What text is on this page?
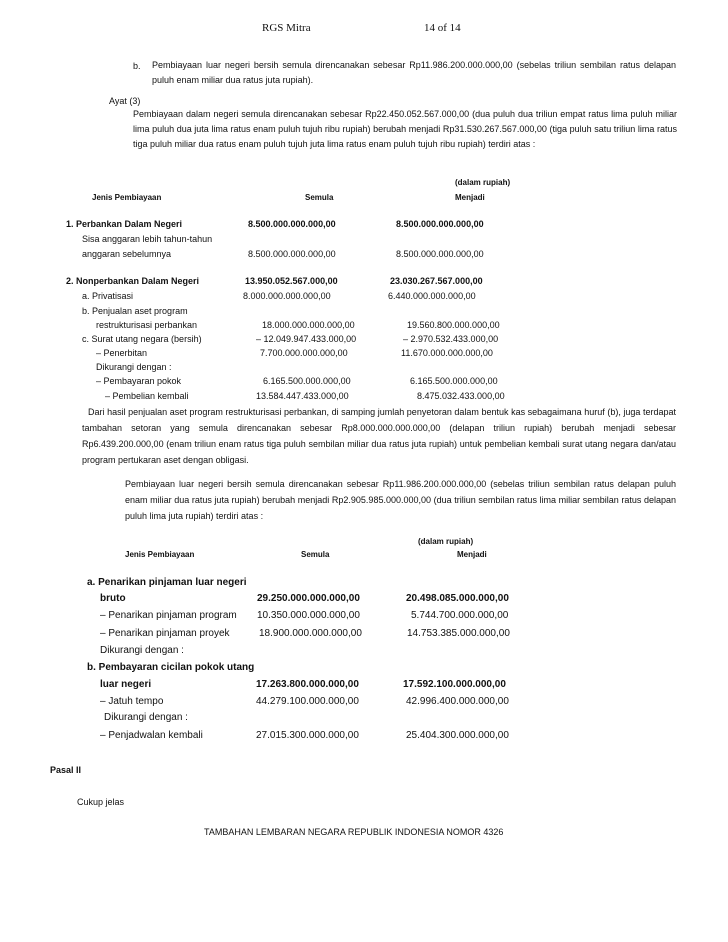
RGS Mitra	14 of 14
b. Pembiayaan luar negeri bersih semula direncanakan sebesar Rp11.986.200.000.000,00 (sebelas triliun sembilan ratus delapan puluh enam miliar dua ratus juta rupiah).
Ayat (3)
Pembiayaan dalam negeri semula direncanakan sebesar Rp22.450.052.567.000,00 (dua puluh dua triliun empat ratus lima puluh miliar lima puluh dua juta lima ratus enam puluh tujuh ribu rupiah) berubah menjadi Rp31.530.267.567.000,00 (tiga puluh satu triliun lima ratus tiga puluh miliar dua ratus enam puluh tujuh juta lima ratus enam puluh tujuh ribu rupiah) terdiri atas :
(dalam rupiah)
Jenis Pembiayaan	Semula	Menjadi
1. Perbankan Dalam Negeri	8.500.000.000.000,00	8.500.000.000.000,00
Sisa anggaran lebih tahun-tahun
anggaran sebelumnya	8.500.000.000.000,00	8.500.000.000.000,00
2. Nonperbankan Dalam Negeri	13.950.052.567.000,00	23.030.267.567.000,00
a. Privatisasi	8.000.000.000.000,00	6.440.000.000.000,00
b. Penjualan aset program
restrukturisasi perbankan	18.000.000.000.000,00	19.560.800.000.000,00
c. Surat utang negara (bersih)	– 12.049.947.433.000,00	– 2.970.532.433.000,00
– Penerbitan	7.700.000.000.000,00	11.670.000.000.000,00
Dikurangi dengan :
– Pembayaran pokok	6.165.500.000.000,00	6.165.500.000.000,00
– Pembelian kembali	13.584.447.433.000,00	8.475.032.433.000,00
Dari hasil penjualan aset program restrukturisasi perbankan, di samping jumlah penyetoran dalam bentuk kas sebagaimana huruf (b), juga terdapat tambahan setoran yang semula direncanakan sebesar Rp8.000.000.000.000,00 (delapan triliun rupiah) berubah menjadi sebesar Rp6.439.200.000,00 (enam triliun enam ratus tiga puluh sembilan miliar dua ratus juta rupiah) untuk pembelian kembali surat utang negara dan/atau program pertukaran aset dengan obligasi.
Pembiayaan luar negeri bersih semula direncanakan sebesar Rp11.986.200.000.000,00 (sebelas triliun sembilan ratus delapan puluh enam miliar dua ratus juta rupiah) berubah menjadi Rp2.905.985.000.000,00 (dua triliun sembilan ratus lima miliar sembilan ratus delapan puluh lima juta rupiah) terdiri atas :
(dalam rupiah)
Jenis Pembiayaan	Semula	Menjadi
a. Penarikan pinjaman luar negeri
bruto	29.250.000.000.000,00	20.498.085.000.000,00
– Penarikan pinjaman program 10.350.000.000.000,00	5.744.700.000.000,00
– Penarikan pinjaman proyek	18.900.000.000.000,00	14.753.385.000.000,00
Dikurangi dengan :
b. Pembayaran cicilan pokok utang
luar negeri	17.263.800.000.000,00	17.592.100.000.000,00
– Jatuh tempo	44.279.100.000.000,00	42.996.400.000.000,00
Dikurangi dengan :
– Penjadwalan kembali	27.015.300.000.000,00	25.404.300.000.000,00
Pasal II
Cukup jelas
TAMBAHAN LEMBARAN NEGARA REPUBLIK INDONESIA NOMOR 4326
